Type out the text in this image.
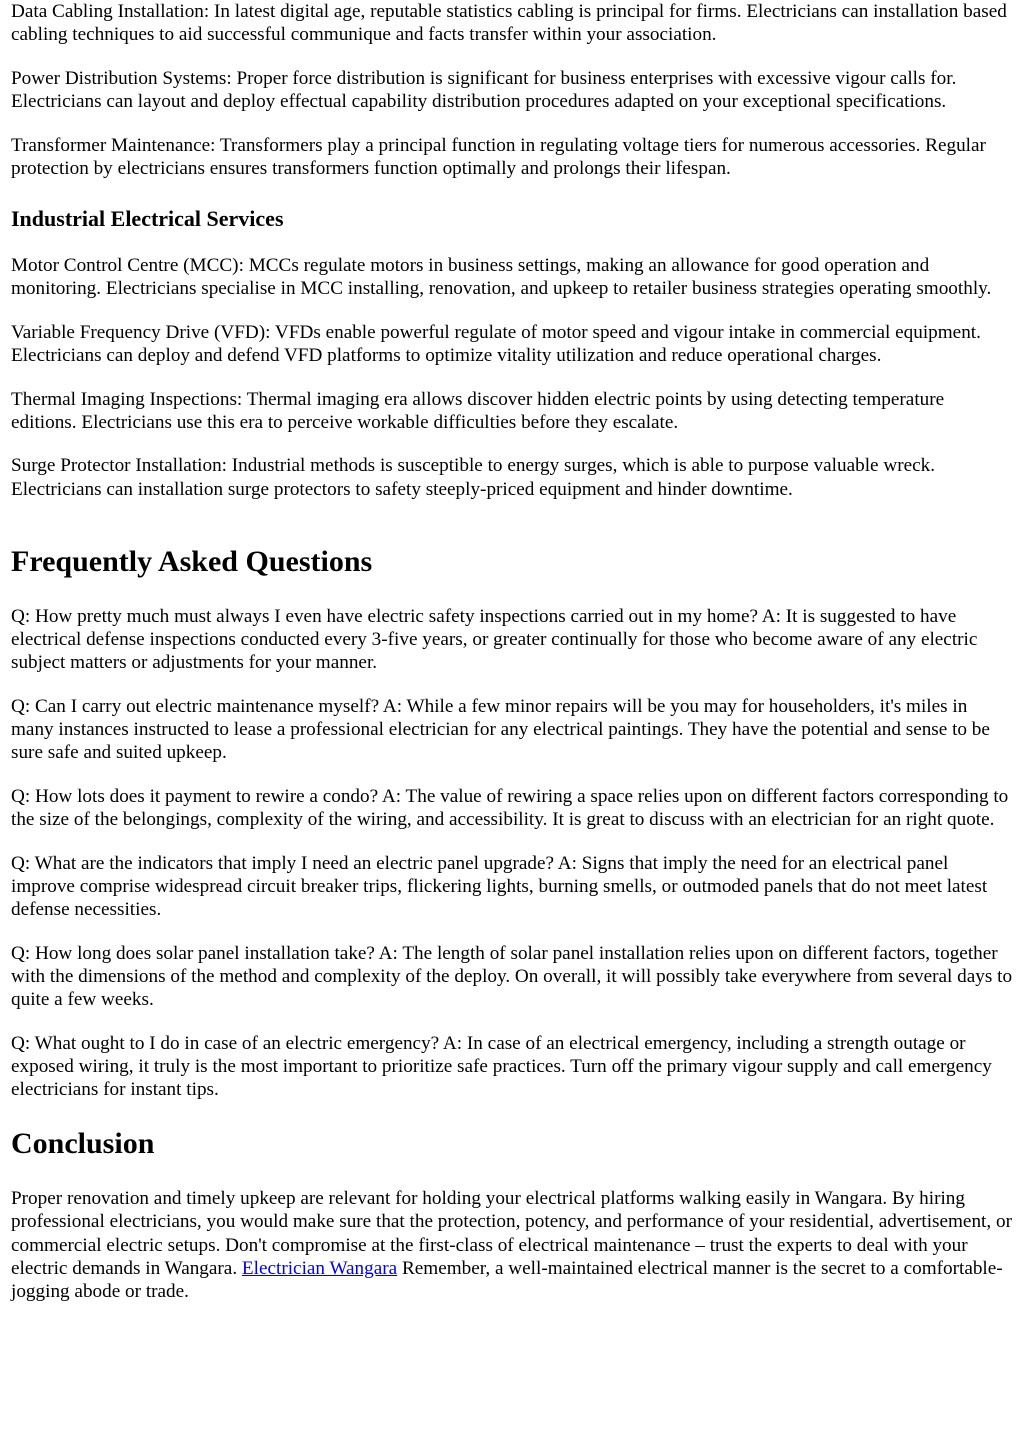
Data Cabling Installation: In latest digital age, reputable statistics cabling is principal for firms. Electricians can installation based cabling techniques to aid successful communique and facts transfer within your association.

Power Distribution Systems: Proper force distribution is significant for business enterprises with excessive vigour calls for. Electricians can layout and deploy effectual capability distribution procedures adapted on your exceptional specifications.

Transformer Maintenance: Transformers play a principal function in regulating voltage tiers for numerous accessories. Regular protection by electricians ensures transformers function optimally and prolongs their lifespan.

Industrial Electrical Services

Motor Control Centre (MCC): MCCs regulate motors in business settings, making an allowance for good operation and monitoring. Electricians specialise in MCC installing, renovation, and upkeep to retailer business strategies operating smoothly.

Variable Frequency Drive (VFD): VFDs enable powerful regulate of motor speed and vigour intake in commercial equipment. Electricians can deploy and defend VFD platforms to optimize vitality utilization and reduce operational charges.

Thermal Imaging Inspections: Thermal imaging era allows discover hidden electric points by using detecting temperature editions. Electricians use this era to perceive workable difficulties before they escalate.

Surge Protector Installation: Industrial methods is susceptible to energy surges, which is able to purpose valuable wreck. Electricians can installation surge protectors to safety steeply-priced equipment and hinder downtime.

Frequently Asked Questions

Q: How pretty much must always I even have electric safety inspections carried out in my home? A: It is suggested to have electrical defense inspections conducted every 3-five years, or greater continually for those who become aware of any electric subject matters or adjustments for your manner.

Q: Can I carry out electric maintenance myself? A: While a few minor repairs will be you may for householders, it's miles in many instances instructed to lease a professional electrician for any electrical paintings. They have the potential and sense to be sure safe and suited upkeep.

Q: How lots does it payment to rewire a condo? A: The value of rewiring a space relies upon on different factors corresponding to the size of the belongings, complexity of the wiring, and accessibility. It is great to discuss with an electrician for an right quote.

Q: What are the indicators that imply I need an electric panel upgrade? A: Signs that imply the need for an electrical panel improve comprise widespread circuit breaker trips, flickering lights, burning smells, or outmoded panels that do not meet latest defense necessities.

Q: How long does solar panel installation take? A: The length of solar panel installation relies upon on different factors, together with the dimensions of the method and complexity of the deploy. On overall, it will possibly take everywhere from several days to quite a few weeks.

Q: What ought to I do in case of an electric emergency? A: In case of an electrical emergency, including a strength outage or exposed wiring, it truly is the most important to prioritize safe practices. Turn off the primary vigour supply and call emergency electricians for instant tips.

Conclusion

Proper renovation and timely upkeep are relevant for holding your electrical platforms walking easily in Wangara. By hiring professional electricians, you would make sure that the protection, potency, and performance of your residential, advertisement, or commercial electric setups. Don't compromise at the first-class of electrical maintenance – trust the experts to deal with your electric demands in Wangara. Electrician Wangara Remember, a well-maintained electrical manner is the secret to a comfortable-jogging abode or trade.
